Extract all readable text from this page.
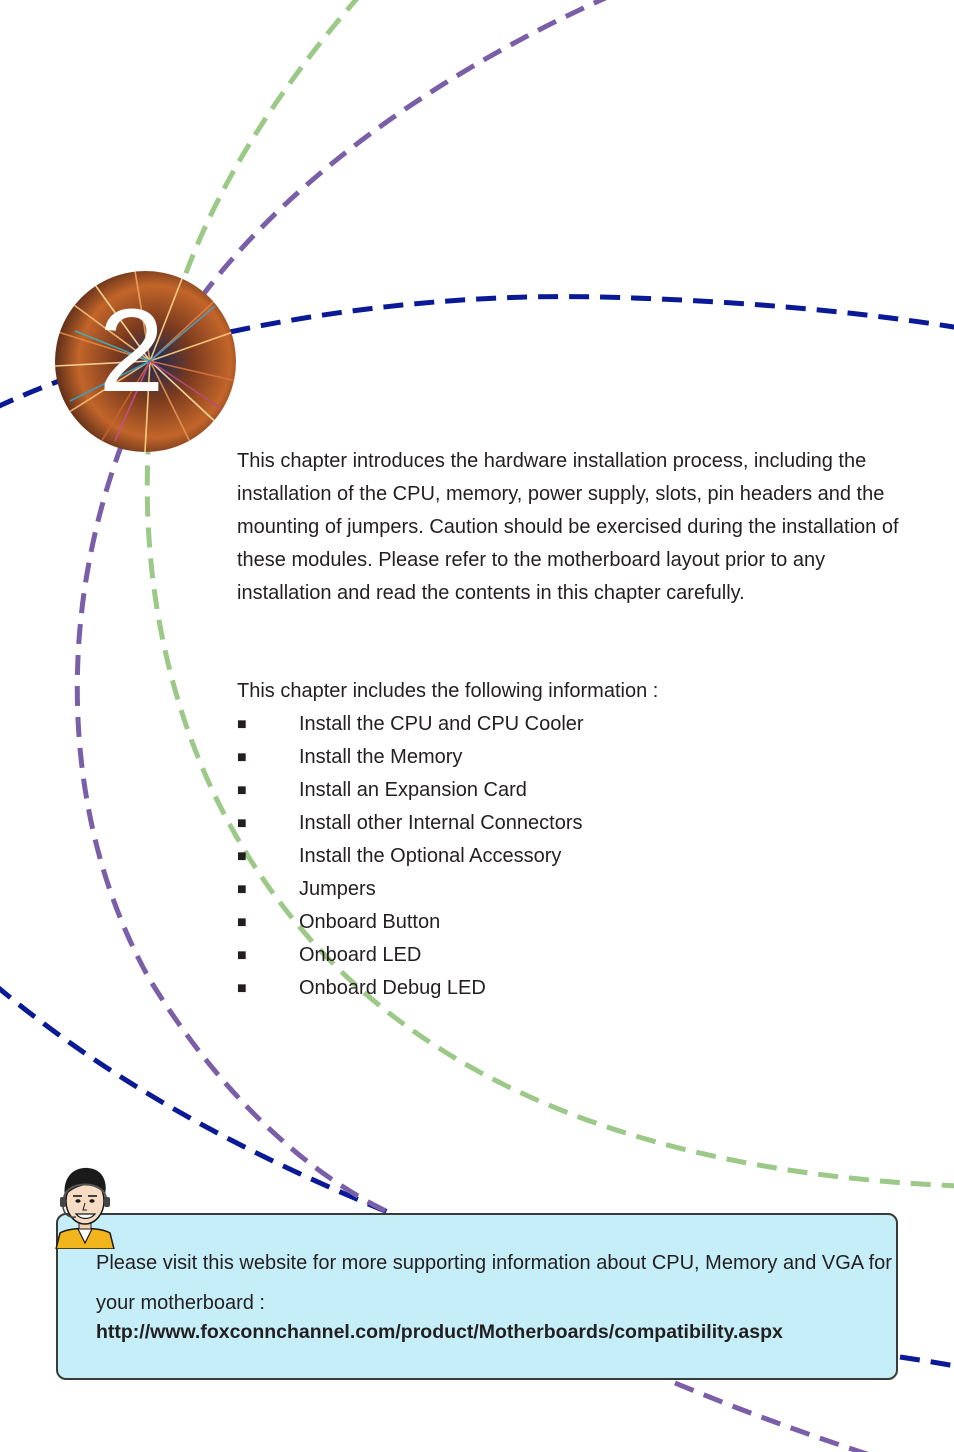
2

This chapter introduces the hardware installation process, including the installation of the CPU, memory, power supply, slots, pin headers and the mounting of jumpers. Caution should be exercised during the installation of these modules. Please refer to the motherboard layout prior to any installation and read the contents in this chapter carefully.

This chapter includes the following information :

■	Install the CPU and CPU Cooler
■	Install the Memory
■	Install an Expansion Card
■	Install other Internal Connectors
■	Install the Optional Accessory
■	Jumpers
■	Onboard Button
■	Onboard LED
■	Onboard Debug LED

Please visit this website for more supporting information about CPU, Memory and VGA for your motherboard :

http://www.foxconnchannel.com/product/Motherboards/compatibility.aspx
